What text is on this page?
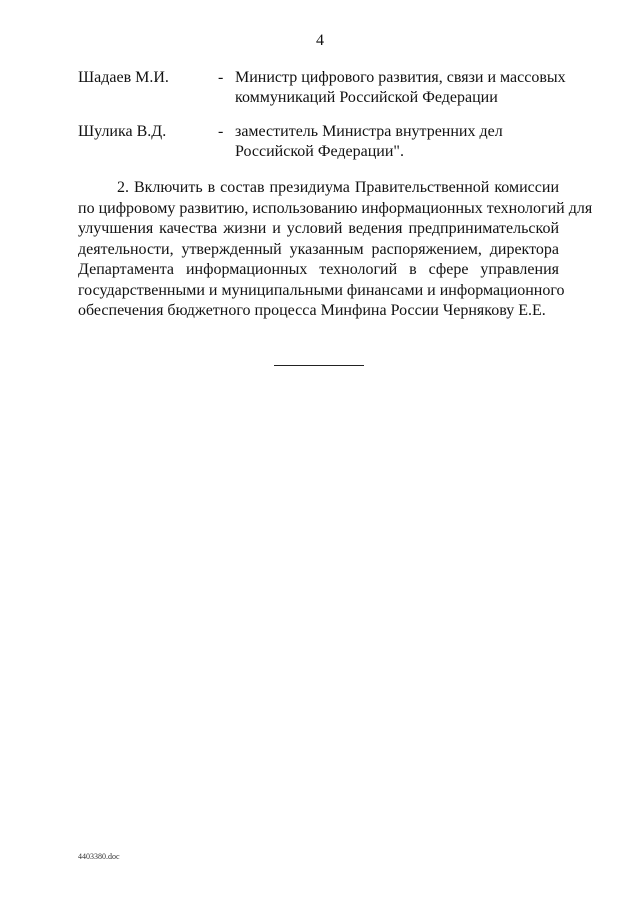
4
Шадаев М.И.	- Министр цифрового развития, связи и массовых
коммуникаций Российской Федерации
Шулика В.Д.	- заместитель Министра внутренних дел
Российской Федерации".
2. Включить в состав президиума Правительственной комиссии
по цифровому развитию, использованию информационных технологий для
улучшения качества жизни и условий ведения предпринимательской
деятельности, утвержденный указанным распоряжением, директора
Департамента информационных технологий в сфере управления
государственными и муниципальными финансами и информационного
обеспечения бюджетного процесса Минфина России Чернякову Е.Е.
4403380.doc
